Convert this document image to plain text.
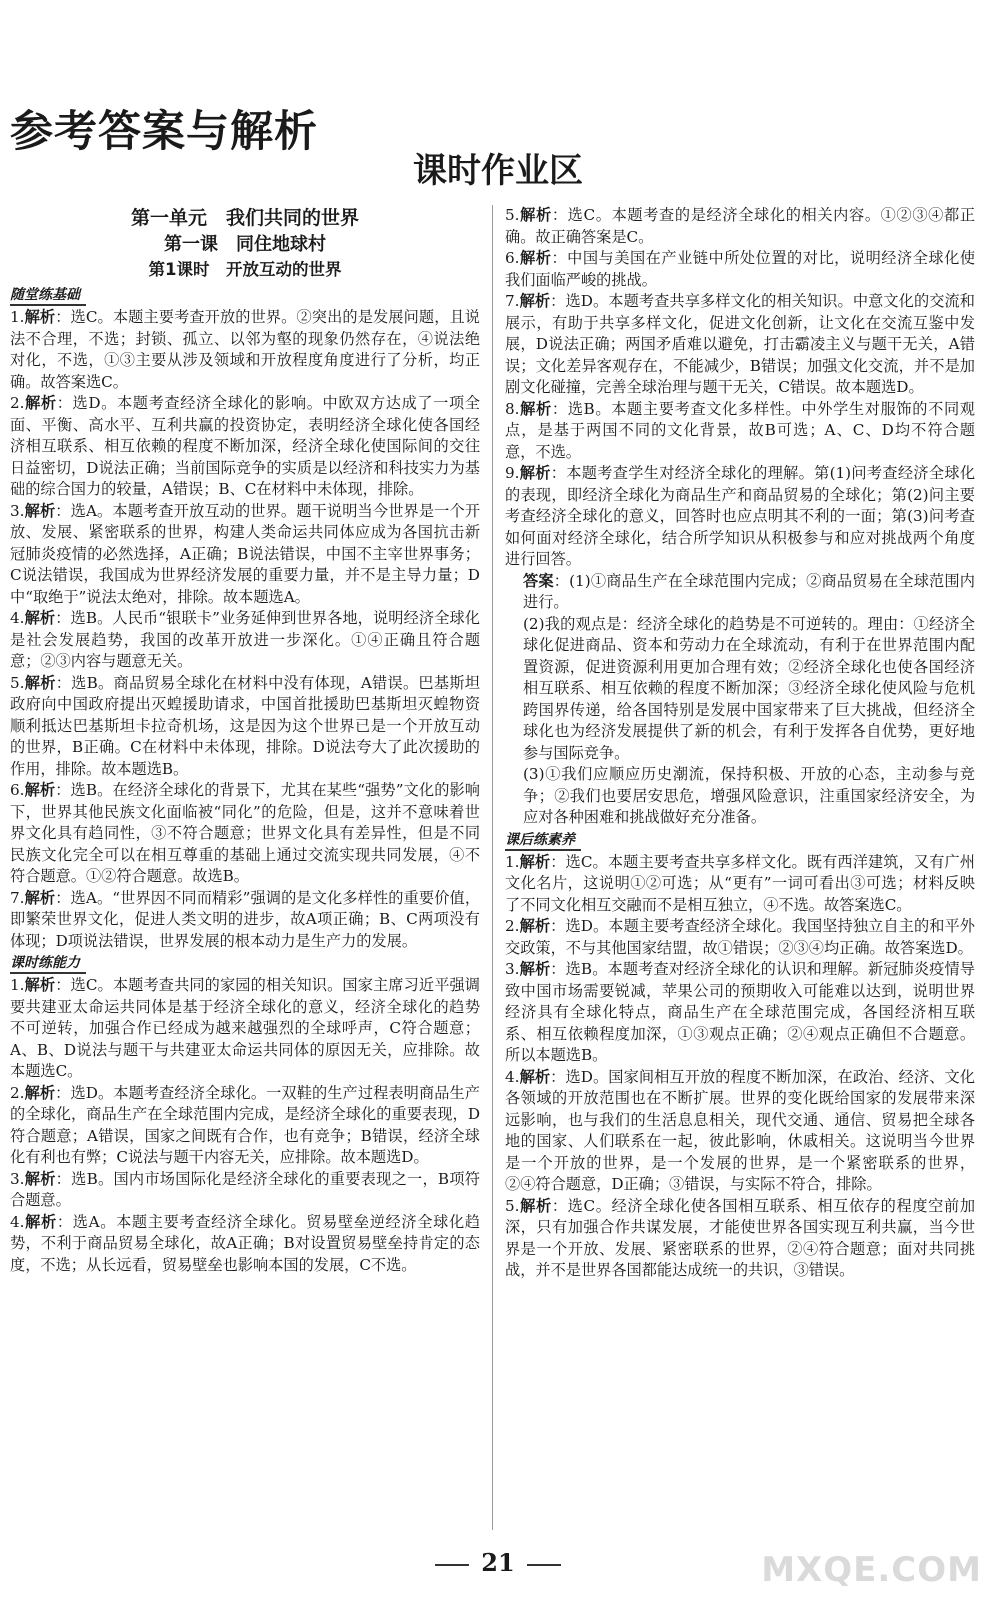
参考答案与解析
课时作业区

第一单元　我们共同的世界

第一课　同住地球村

第1课时　开放互动的世界

随堂练基础

1.解析：选C。本题主要考查开放的世界。②突出的是发展问题，且说法不合理，不选；封锁、孤立、以邻为壑的现象仍然存在，④说法绝对化，不选，①③主要从涉及领域和开放程度角度进行了分析，均正确。故答案选C。

2.解析：选D。本题考查经济全球化的影响。中欧双方达成了一项全面、平衡、高水平、互利共赢的投资协定，表明经济全球化使各国经济相互联系、相互依赖的程度不断加深，经济全球化使国际间的交往日益密切，D说法正确；当前国际竞争的实质是以经济和科技实力为基础的综合国力的较量，A错误；B、C在材料中未体现，排除。

3.解析：选A。本题考查开放互动的世界。题干说明当今世界是一个开放、发展、紧密联系的世界，构建人类命运共同体应成为各国抗击新冠肺炎疫情的必然选择，A正确；B说法错误，中国不主宰世界事务；C说法错误，我国成为世界经济发展的重要力量，并不是主导力量；D中“取绝于”说法太绝对，排除。故本题选A。

4.解析：选B。人民币“银联卡”业务延伸到世界各地，说明经济全球化是社会发展趋势，我国的改革开放进一步深化。①④正确且符合题意；②③内容与题意无关。

5.解析：选B。商品贸易全球化在材料中没有体现，A错误。巴基斯坦政府向中国政府提出灭蝗援助请求，中国首批援助巴基斯坦灭蝗物资顺利抵达巴基斯坦卡拉奇机场，这是因为这个世界已是一个开放互动的世界，B正确。C在材料中未体现，排除。D说法夸大了此次援助的作用，排除。故本题选B。

6.解析：选B。在经济全球化的背景下，尤其在某些“强势”文化的影响下，世界其他民族文化面临被“同化”的危险，但是，这并不意味着世界文化具有趋同性，③不符合题意；世界文化具有差异性，但是不同民族文化完全可以在相互尊重的基础上通过交流实现共同发展，④不符合题意。①②符合题意。故选B。

7.解析：选A。“世界因不同而精彩”强调的是文化多样性的重要价值，即繁荣世界文化，促进人类文明的进步，故A项正确；B、C两项没有体现；D项说法错误，世界发展的根本动力是生产力的发展。

课时练能力

1.解析：选C。本题考查共同的家园的相关知识。国家主席习近平强调要共建亚太命运共同体是基于经济全球化的意义，经济全球化的趋势不可逆转，加强合作已经成为越来越强烈的全球呼声，C符合题意；A、B、D说法与题干与共建亚太命运共同体的原因无关，应排除。故本题选C。

2.解析：选D。本题考查经济全球化。一双鞋的生产过程表明商品生产的全球化，商品生产在全球范围内完成，是经济全球化的重要表现，D符合题意；A错误，国家之间既有合作，也有竞争；B错误，经济全球化有利也有弊；C说法与题干内容无关，应排除。故本题选D。

3.解析：选B。国内市场国际化是经济全球化的重要表现之一，B项符合题意。

4.解析：选A。本题主要考查经济全球化。贸易壁垒逆经济全球化趋势，不利于商品贸易全球化，故A正确；B对设置贸易壁垒持肯定的态度，不选；从长远看，贸易壁垒也影响本国的发展，C不选。

5.解析：选C。本题考查的是经济全球化的相关内容。①②③④都正确。故正确答案是C。

6.解析：中国与美国在产业链中所处位置的对比，说明经济全球化使我们面临严峻的挑战。

7.解析：选D。本题考查共享多样文化的相关知识。中意文化的交流和展示，有助于共享多样文化，促进文化创新，让文化在交流互鉴中发展，D说法正确；两国矛盾难以避免，打击霸凌主义与题干无关，A错误；文化差异客观存在，不能减少，B错误；加强文化交流，并不是加剧文化碰撞，完善全球治理与题干无关，C错误。故本题选D。

8.解析：选B。本题主要考查文化多样性。中外学生对服饰的不同观点，是基于两国不同的文化背景，故B可选；A、C、D均不符合题意，不选。

9.解析：本题考查学生对经济全球化的理解。第(1)问考查经济全球化的表现，即经济全球化为商品生产和商品贸易的全球化；第(2)问主要考查经济全球化的意义，回答时也应点明其不利的一面；第(3)问考查如何面对经济全球化，结合所学知识从积极参与和应对挑战两个角度进行回答。

答案：(1)①商品生产在全球范围内完成；②商品贸易在全球范围内进行。

(2)我的观点是：经济全球化的趋势是不可逆转的。理由：①经济全球化促进商品、资本和劳动力在全球流动，有利于在世界范围内配置资源，促进资源利用更加合理有效；②经济全球化也使各国经济相互联系、相互依赖的程度不断加深；③经济全球化使风险与危机跨国界传递，给各国特别是发展中国家带来了巨大挑战，但经济全球化也为经济发展提供了新的机会，有利于发挥各自优势，更好地参与国际竞争。

(3)①我们应顺应历史潮流，保持积极、开放的心态，主动参与竞争；②我们也要居安思危，增强风险意识，注重国家经济安全，为应对各种困难和挑战做好充分准备。

课后练素养

1.解析：选C。本题主要考查共享多样文化。既有西洋建筑，又有广州文化名片，这说明①②可选；从“更有”一词可看出③可选；材料反映了不同文化相互交融而不是相互独立，④不选。故答案选C。

2.解析：选D。本题主要考查经济全球化。我国坚持独立自主的和平外交政策，不与其他国家结盟，故①错误；②③④均正确。故答案选D。

3.解析：选B。本题考查对经济全球化的认识和理解。新冠肺炎疫情导致中国市场需要锐减，苹果公司的预期收入可能难以达到，说明世界经济具有全球化特点，商品生产在全球范围完成，各国经济相互联系、相互依赖程度加深，①③观点正确；②④观点正确但不合题意。所以本题选B。

4.解析：选D。国家间相互开放的程度不断加深，在政治、经济、文化各领域的开放范围也在不断扩展。世界的变化既给国家的发展带来深远影响，也与我们的生活息息相关，现代交通、通信、贸易把全球各地的国家、人们联系在一起，彼此影响，休戚相关。这说明当今世界是一个开放的世界，是一个发展的世界，是一个紧密联系的世界，②④符合题意，D正确；③错误，与实际不符合，排除。

5.解析：选C。经济全球化使各国相互联系、相互依存的程度空前加深，只有加强合作共谋发展，才能使世界各国实现互利共赢，当今世界是一个开放、发展、紧密联系的世界，②④符合题意；面对共同挑战，并不是世界各国都能达成统一的共识，③错误。

21	MXQE.COM
